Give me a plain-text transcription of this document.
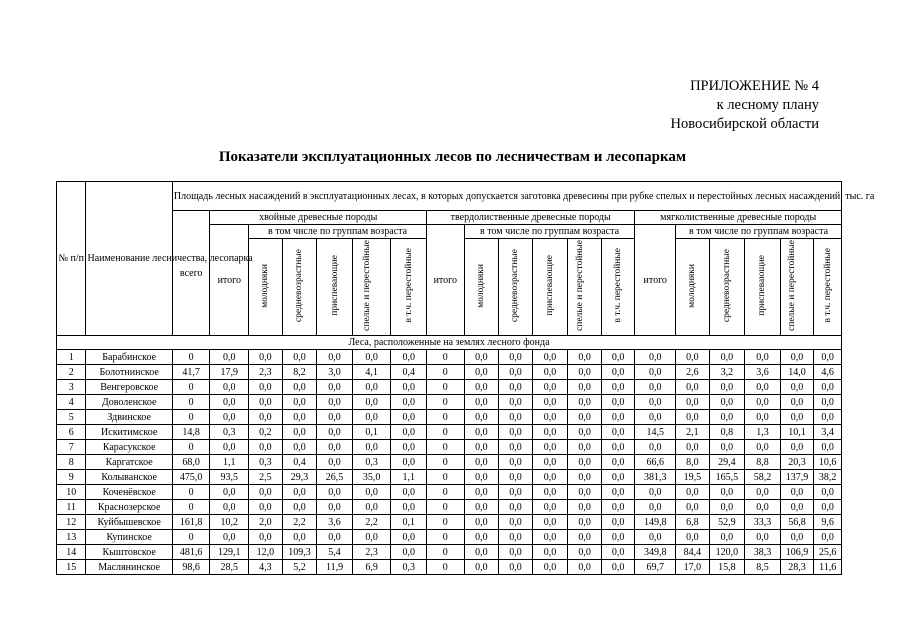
ПРИЛОЖЕНИЕ № 4
к лесному плану
Новосибирской области
Показатели эксплуатационных лесов по лесничествам и лесопаркам
№ п/п	Наименование лесничества, лесопарка	Площадь лесных насаждений в эксплуатационных лесах, в которых допускается заготовка древесины при рубке спелых и перестойных лесных насаждений, тыс. га																		
		всего	хвойные древесные породы						твердолиственные древесные породы						мягколиственные древесные породы					
			итого	в том числе по группам возраста					итого	в том числе по группам возраста					итого	в том числе по группам возраста				
				молодняки	средневозрастные	приспевающие	спелые и перестойные	в т.ч. перестойные		молодняки	средневозрастные	приспевающие	спелые и перестойные	в т.ч. перестойные		молодняки	средневозрастные	приспевающие	спелые и перестойные	в т.ч. перестойные
Леса, расположенные на землях лесного фонда																				
1	Барабинское	0	0,0	0,0	0,0	0,0	0,0	0,0	0	0,0	0,0	0,0	0,0	0,0	0,0	0,0	0,0	0,0	0,0	0,0
2	Болотнинское	41,7	17,9	2,3	8,2	3,0	4,1	0,4	0	0,0	0,0	0,0	0,0	0,0	0,0	2,6	3,2	3,6	14,0	4,6
3	Венгеровское	0	0,0	0,0	0,0	0,0	0,0	0,0	0	0,0	0,0	0,0	0,0	0,0	0,0	0,0	0,0	0,0	0,0	0,0
4	Доволенское	0	0,0	0,0	0,0	0,0	0,0	0,0	0	0,0	0,0	0,0	0,0	0,0	0,0	0,0	0,0	0,0	0,0	0,0
5	Здвинское	0	0,0	0,0	0,0	0,0	0,0	0,0	0	0,0	0,0	0,0	0,0	0,0	0,0	0,0	0,0	0,0	0,0	0,0
6	Искитимское	14,8	0,3	0,2	0,0	0,0	0,1	0,0	0	0,0	0,0	0,0	0,0	0,0	14,5	2,1	0,8	1,3	10,1	3,4
7	Карасукское	0	0,0	0,0	0,0	0,0	0,0	0,0	0	0,0	0,0	0,0	0,0	0,0	0,0	0,0	0,0	0,0	0,0	0,0
8	Каргатское	68,0	1,1	0,3	0,4	0,0	0,3	0,0	0	0,0	0,0	0,0	0,0	0,0	66,6	8,0	29,4	8,8	20,3	10,6
9	Колыванское	475,0	93,5	2,5	29,3	26,5	35,0	1,1	0	0,0	0,0	0,0	0,0	0,0	381,3	19,5	165,5	58,2	137,9	38,2
10	Коченёвское	0	0,0	0,0	0,0	0,0	0,0	0,0	0	0,0	0,0	0,0	0,0	0,0	0,0	0,0	0,0	0,0	0,0	0,0
11	Краснозерское	0	0,0	0,0	0,0	0,0	0,0	0,0	0	0,0	0,0	0,0	0,0	0,0	0,0	0,0	0,0	0,0	0,0	0,0
12	Куйбышевское	161,8	10,2	2,0	2,2	3,6	2,2	0,1	0	0,0	0,0	0,0	0,0	0,0	149,8	6,8	52,9	33,3	56,8	9,6
13	Купинское	0	0,0	0,0	0,0	0,0	0,0	0,0	0	0,0	0,0	0,0	0,0	0,0	0,0	0,0	0,0	0,0	0,0	0,0
14	Кыштовское	481,6	129,1	12,0	109,3	5,4	2,3	0,0	0	0,0	0,0	0,0	0,0	0,0	349,8	84,4	120,0	38,3	106,9	25,6
15	Маслянинское	98,6	28,5	4,3	5,2	11,9	6,9	0,3	0	0,0	0,0	0,0	0,0	0,0	69,7	17,0	15,8	8,5	28,3	11,6
